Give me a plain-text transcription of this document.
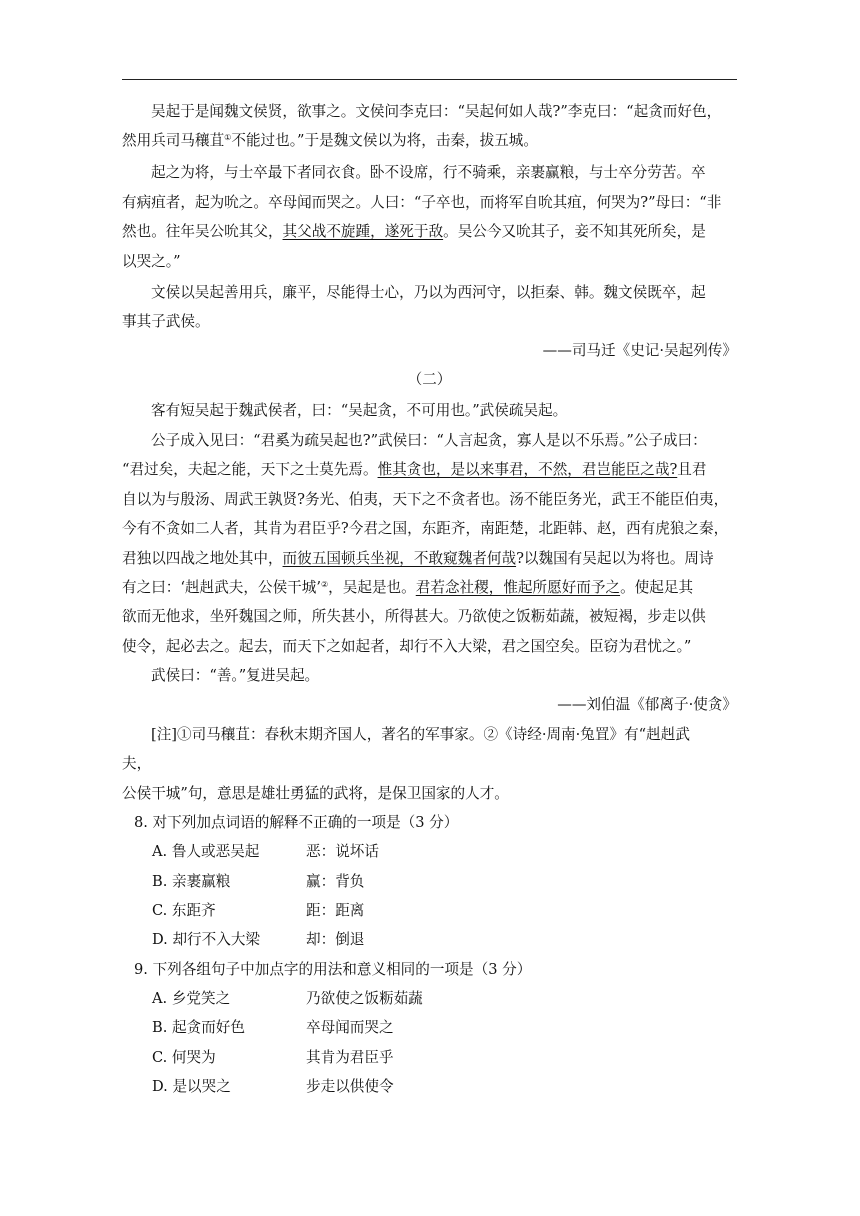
吴起于是闻魏文侯贤，欲事之。文侯问李克曰：“吴起何如人哉?”李克曰：“起贪而好色，
然用兵司马穰苴①不能过也。”于是魏文侯以为将，击秦，拔五城。
起之为将，与士卒最下者同衣食。卧不设席，行不骑乘，亲裹赢粮，与士卒分劳苦。卒
有病疽者，起为吮之。卒母闻而哭之。人曰：“子卒也，而将军自吮其疽，何哭为?”母曰：“非
然也。往年吴公吮其父，其父战不旋踵，遂死于敌。吴公今又吮其子，妾不知其死所矣，是
以哭之。”
文侯以吴起善用兵，廉平，尽能得士心，乃以为西河守，以拒秦、韩。魏文侯既卒，起
事其子武侯。
——司马迁《史记·吴起列传》
（二）
客有短吴起于魏武侯者，曰：“吴起贪，不可用也。”武侯疏吴起。
公子成入见曰：“君奚为疏吴起也?”武侯曰：“人言起贪，寡人是以不乐焉。”公子成曰：
“君过矣，夫起之能，天下之士莫先焉。惟其贪也，是以来事君，不然，君岂能臣之哉?且君
自以为与殷汤、周武王孰贤?务光、伯夷，天下之不贪者也。汤不能臣务光，武王不能臣伯夷，
今有不贪如二人者，其肯为君臣乎?今君之国，东距齐，南距楚，北距韩、赵，西有虎狼之秦，
君独以四战之地处其中，而彼五国顿兵坐视，不敢窥魏者何哉?以魏国有吴起以为将也。周诗
有之曰：‘赳赳武夫，公侯干城’②，吴起是也。君若念社稷，惟起所愿好而予之。使起足其
欲而无他求，坐歼魏国之师，所失甚小，所得甚大。乃欲使之饭粝茹蔬，被短褐，步走以供
使令，起必去之。起去，而天下之如起者，却行不入大梁，君之国空矣。臣窃为君忧之。”
武侯曰：“善。”复进吴起。
——刘伯温《郁离子·使贪》
[注]①司马穰苴：春秋末期齐国人，著名的军事家。②《诗经·周南·兔罝》有“赳赳武
夫，
公侯干城”句，意思是雄壮勇猛的武将，是保卫国家的人才。
8. 对下列加点词语的解释不正确的一项是（3 分）
A. 鲁人或恶吴起	恶：说坏话
B. 亲裹赢粮	赢：背负
C. 东距齐	距：距离
D. 却行不入大梁	却：倒退
9. 下列各组句子中加点字的用法和意义相同的一项是（3 分）
A. 乡党笑之	乃欲使之饭粝茹蔬
B. 起贪而好色	卒母闻而哭之
C. 何哭为	其肯为君臣乎
D. 是以哭之	步走以供使令
